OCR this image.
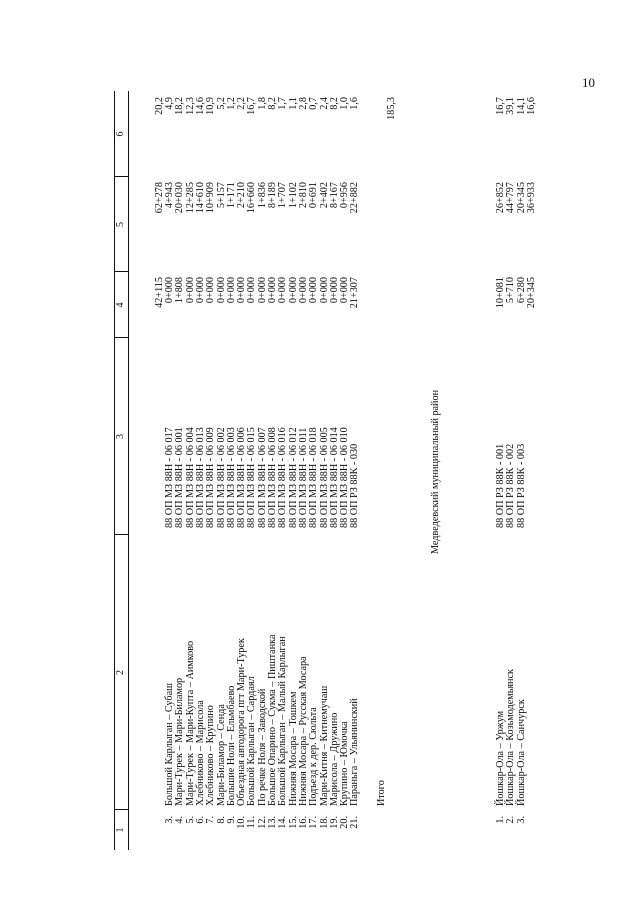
10
1
2
3
4
5
6
42+115
62+278
20,2
3.
Большой Карлыган – Субаш
88 ОП МЗ 88Н - 06 017
0+000
4+943
4,9
4.
Мари-Турек – Мари-Биламор
88 ОП МЗ 88Н - 06 001
1+808
20+030
18,2
5.
Мари-Турек – Мари-Купта – Аимково
88 ОП МЗ 88Н - 06 004
0+000
12+285
12,3
6.
Хлебниково – Марисола
88 ОП МЗ 88Н - 06 013
0+000
14+610
14,6
7.
Хлебниково – Крупино
88 ОП МЗ 88Н - 06 009
0+000
10+909
10,9
8.
Мари-Биламор – Сенда
88 ОП МЗ 88Н - 06 002
0+000
5+157
5,2
9.
Большие Ноли – Ельмбаево
88 ОП МЗ 88Н - 06 003
0+000
1+171
1,2
10.
Объездная автодорога пгт Мари-Турек
88 ОП МЗ 88Н - 06 006
0+000
2+210
2,2
11.
Большой Карлыган – Сардаял
88 ОП МЗ 88Н - 06 015
0+000
16+660
16,7
12.
По речке Ноля – Заводской
88 ОП МЗ 88Н - 06 007
0+000
1+836
1,8
13.
Большое Опарино – Сукма – Пиштанка
88 ОП МЗ 88Н - 06 008
0+000
8+189
8,2
14.
Большой Карлыган – Малый Карлыган
88 ОП МЗ 88Н - 06 016
0+000
1+707
1,7
15.
Нижняя Мосара – Тошкем
88 ОП МЗ 88Н - 06 012
0+000
1+102
1,1
16.
Нижняя Мосара – Русская Мосара
88 ОП МЗ 88Н - 06 011
0+000
2+810
2,8
17.
Подъезд к дер. Сюльта
88 ОП МЗ 88Н - 06 018
0+000
0+691
0,7
18.
Мари-Китня – Китнемучаш
88 ОП МЗ 88Н - 06 005
0+000
2+402
2,4
19.
Марисола – Дружино
88 ОП МЗ 88Н - 06 014
0+000
8+167
8,2
20.
Крупино – Юмочка
88 ОП МЗ 88Н - 06 010
0+000
0+956
1,0
21.
Параньга – Ульянинский
88 ОП РЗ 88К - 030
21+307
22+882
1,6
Итого
185,3
Медведевский муниципальный район
1.
Йошкар-Ола – Уржум
88 ОП РЗ 88К - 001
10+081
26+852
16,7
2.
Йошкар-Ола – Козьмодемьянск
88 ОП РЗ 88К - 002
5+710
44+797
39,1
3.
Йошкар-Ола – Санчурск
88 ОП РЗ 88К - 003
6+280
20+345
14,1
20+345
36+933
16,6
